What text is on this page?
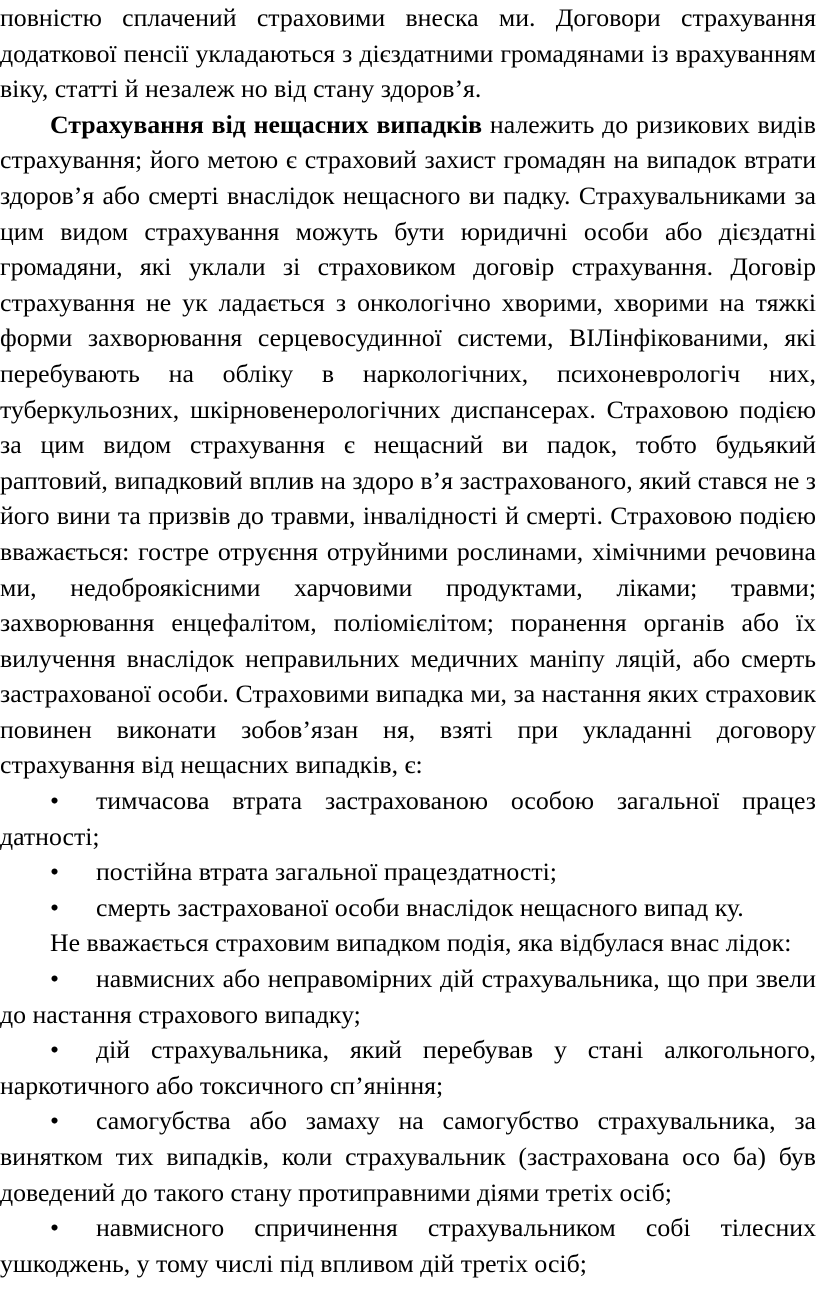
повністю сплачений страховими внеска ми. Договори страхування додаткової пенсії укладаються з дієздатними громадянами із врахуванням віку, статті й незалеж но від стану здоров’я.

Страхування від нещасних випадків належить до ризикових видів страхування; його метою є страховий захист громадян на випадок втрати здоров’я або смерті внаслідок нещасного ви падку. Страхувальниками за цим видом страхування можуть бути юридичні особи або дієздатні громадяни, які уклали зі страховиком договір страхування. Договір страхування не ук ладається з онкологічно хворими, хворими на тяжкі форми захворювання серцевосудинної системи, ВІЛінфікованими, які перебувають на обліку в наркологічних, психоневрологіч них, туберкульозних, шкірновенерологічних диспансерах. Страховою подією за цим видом страхування є нещасний ви падок, тобто будьякий раптовий, випадковий вплив на здоро в’я застрахованого, який стався не з його вини та призвів до травми, інвалідності й смерті. Страховою подією вважається: гостре отруєння отруйними рослинами, хімічними речовина ми, недоброякісними харчовими продуктами, ліками; травми; захворювання енцефалітом, поліомієлітом; поранення органів або їх вилучення внаслідок неправильних медичних маніпу ляцій, або смерть застрахованої особи. Страховими випадка ми, за настання яких страховик повинен виконати зобов’язан ня, взяті при укладанні договору страхування від нещасних випадків, є:

• тимчасова втрата застрахованою особою загальної працез датності;

• постійна втрата загальної працездатності;

• смерть застрахованої особи внаслідок нещасного випад ку.

Не вважається страховим випадком подія, яка відбулася внас лідок:

• навмисних або неправомірних дій страхувальника, що при звели до настання страхового випадку;

• дій страхувальника, який перебував у стані алкогольного, наркотичного або токсичного сп’яніння;

• самогубства або замаху на самогубство страхувальника, за винятком тих випадків, коли страхувальник (застрахована осо ба) був доведений до такого стану протиправними діями третіх осіб;

• навмисного спричинення страхувальником собі тілесних ушкоджень, у тому числі під впливом дій третіх осіб;
